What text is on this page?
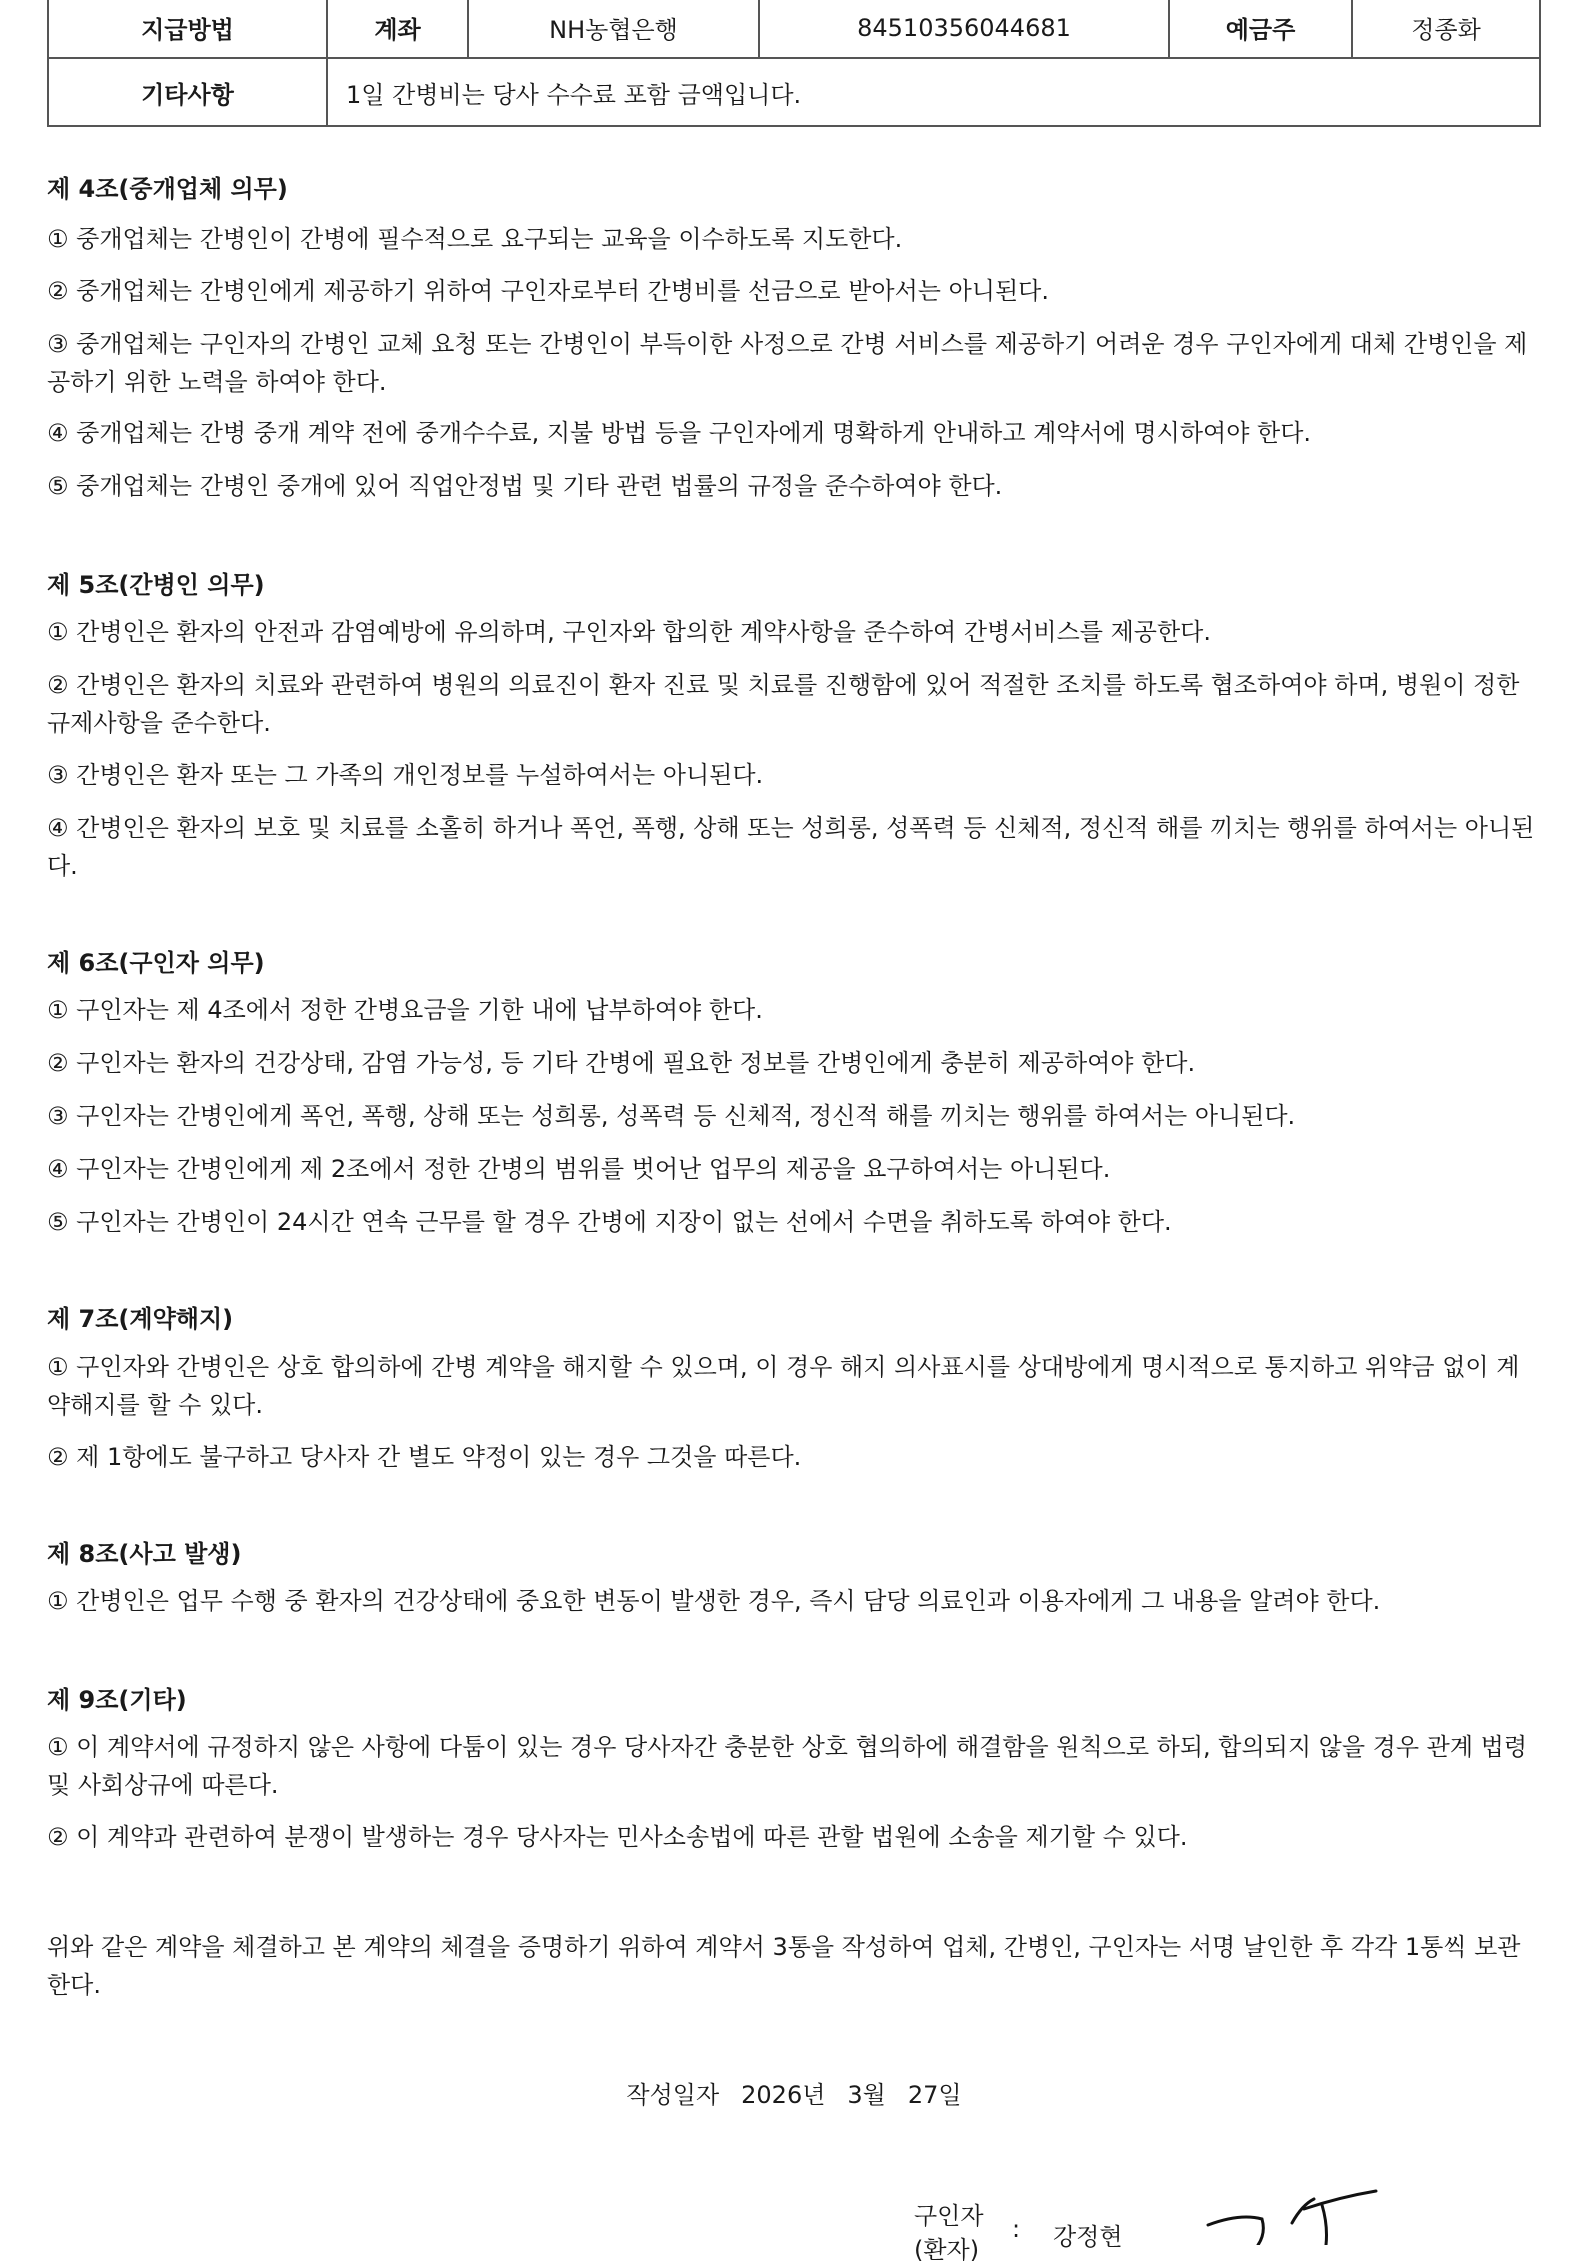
지급방법	계좌	NH농협은행	84510356044681	예금주	정종화
기타사항	1일 간병비는 당사 수수료 포함 금액입니다.				
제 4조(중개업체 의무)
① 중개업체는 간병인이 간병에 필수적으로 요구되는 교육을 이수하도록 지도한다.
② 중개업체는 간병인에게 제공하기 위하여 구인자로부터 간병비를 선금으로 받아서는 아니된다.
③ 중개업체는 구인자의 간병인 교체 요청 또는 간병인이 부득이한 사정으로 간병 서비스를 제공하기 어려운 경우 구인자에게 대체 간병인을 제공하기 위한 노력을 하여야 한다.
④ 중개업체는 간병 중개 계약 전에 중개수수료, 지불 방법 등을 구인자에게 명확하게 안내하고 계약서에 명시하여야 한다.
⑤ 중개업체는 간병인 중개에 있어 직업안정법 및 기타 관련 법률의 규정을 준수하여야 한다.
제 5조(간병인 의무)
① 간병인은 환자의 안전과 감염예방에 유의하며, 구인자와 합의한 계약사항을 준수하여 간병서비스를 제공한다.
② 간병인은 환자의 치료와 관련하여 병원의 의료진이 환자 진료 및 치료를 진행함에 있어 적절한 조치를 하도록 협조하여야 하며, 병원이 정한 규제사항을 준수한다.
③ 간병인은 환자 또는 그 가족의 개인정보를 누설하여서는 아니된다.
④ 간병인은 환자의 보호 및 치료를 소홀히 하거나 폭언, 폭행, 상해 또는 성희롱, 성폭력 등 신체적, 정신적 해를 끼치는 행위를 하여서는 아니된다.
제 6조(구인자 의무)
① 구인자는 제 4조에서 정한 간병요금을 기한 내에 납부하여야 한다.
② 구인자는 환자의 건강상태, 감염 가능성, 등 기타 간병에 필요한 정보를 간병인에게 충분히 제공하여야 한다.
③ 구인자는 간병인에게 폭언, 폭행, 상해 또는 성희롱, 성폭력 등 신체적, 정신적 해를 끼치는 행위를 하여서는 아니된다.
④ 구인자는 간병인에게 제 2조에서 정한 간병의 범위를 벗어난 업무의 제공을 요구하여서는 아니된다.
⑤ 구인자는 간병인이 24시간 연속 근무를 할 경우 간병에 지장이 없는 선에서 수면을 취하도록 하여야 한다.
제 7조(계약해지)
① 구인자와 간병인은 상호 합의하에 간병 계약을 해지할 수 있으며, 이 경우 해지 의사표시를 상대방에게 명시적으로 통지하고 위약금 없이 계약해지를 할 수 있다.
② 제 1항에도 불구하고 당사자 간 별도 약정이 있는 경우 그것을 따른다.
제 8조(사고 발생)
① 간병인은 업무 수행 중 환자의 건강상태에 중요한 변동이 발생한 경우, 즉시 담당 의료인과 이용자에게 그 내용을 알려야 한다.
제 9조(기타)
① 이 계약서에 규정하지 않은 사항에 다툼이 있는 경우 당사자간 충분한 상호 협의하에 해결함을 원칙으로 하되, 합의되지 않을 경우 관계 법령 및 사회상규에 따른다.
② 이 계약과 관련하여 분쟁이 발생하는 경우 당사자는 민사소송법에 따른 관할 법원에 소송을 제기할 수 있다.
위와 같은 계약을 체결하고 본 계약의 체결을 증명하기 위하여 계약서 3통을 작성하여 업체, 간병인, 구인자는 서명 날인한 후 각각 1통씩 보관한다.
작성일자 2026년 3월 27일
구인자
(환자)
: 강정현
